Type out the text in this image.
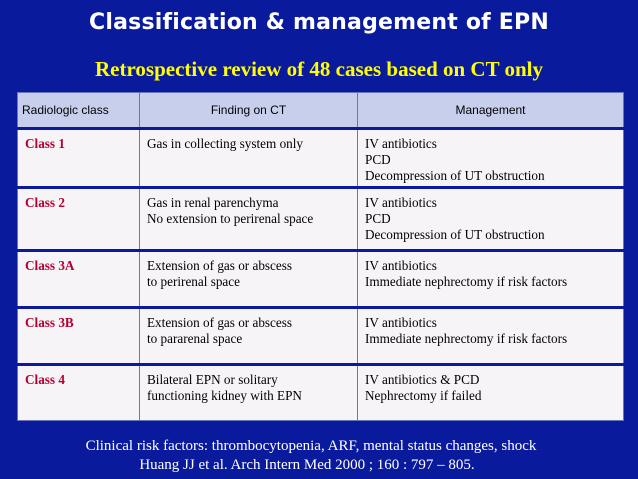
Classification & management of EPN
Retrospective review of 48 cases based on CT only
Radiologic class	Finding on CT	Management
Class 1	Gas in collecting system only	IV antibiotics
PCD
Decompression of UT obstruction

Class 2	Gas in renal parenchyma
No extension to perirenal space	IV antibiotics
PCD
Decompression of UT obstruction

Class 3A	Extension of gas or abscess
to perirenal space	IV antibiotics
Immediate nephrectomy if risk factors

Class 3B	Extension of gas or abscess
to pararenal space	IV antibiotics
Immediate nephrectomy if risk factors

Class 4	Bilateral EPN or solitary
functioning kidney with EPN	IV antibiotics & PCD
Nephrectomy if failed
Clinical risk factors: thrombocytopenia, ARF, mental status changes, shock
Huang JJ et al. Arch Intern Med 2000 ; 160 : 797 – 805.
